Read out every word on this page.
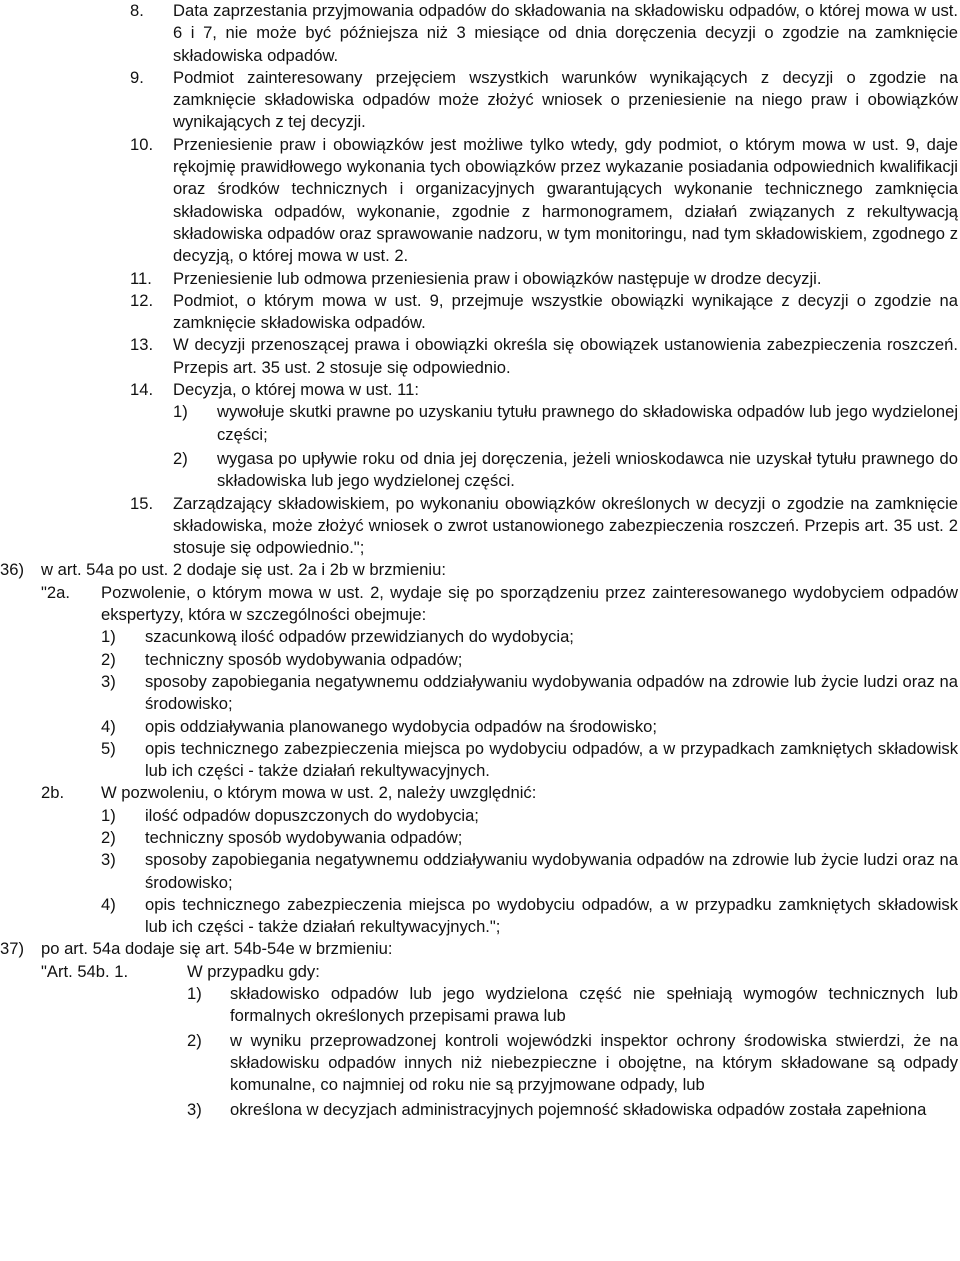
8. Data zaprzestania przyjmowania odpadów do składowania na składowisku odpadów, o której mowa w ust. 6 i 7, nie może być późniejsza niż 3 miesiące od dnia doręczenia decyzji o zgodzie na zamknięcie składowiska odpadów.
9. Podmiot zainteresowany przejęciem wszystkich warunków wynikających z decyzji o zgodzie na zamknięcie składowiska odpadów może złożyć wniosek o przeniesienie na niego praw i obowiązków wynikających z tej decyzji.
10. Przeniesienie praw i obowiązków jest możliwe tylko wtedy, gdy podmiot, o którym mowa w ust. 9, daje rękojmię prawidłowego wykonania tych obowiązków przez wykazanie posiadania odpowiednich kwalifikacji oraz środków technicznych i organizacyjnych gwarantujących wykonanie technicznego zamknięcia składowiska odpadów, wykonanie, zgodnie z harmonogramem, działań związanych z rekultywacją składowiska odpadów oraz sprawowanie nadzoru, w tym monitoringu, nad tym składowiskiem, zgodnego z decyzją, o której mowa w ust. 2.
11. Przeniesienie lub odmowa przeniesienia praw i obowiązków następuje w drodze decyzji.
12. Podmiot, o którym mowa w ust. 9, przejmuje wszystkie obowiązki wynikające z decyzji o zgodzie na zamknięcie składowiska odpadów.
13. W decyzji przenoszącej prawa i obowiązki określa się obowiązek ustanowienia zabezpieczenia roszczeń. Przepis art. 35 ust. 2 stosuje się odpowiednio.
14. Decyzja, o której mowa w ust. 11:
1) wywołuje skutki prawne po uzyskaniu tytułu prawnego do składowiska odpadów lub jego wydzielonej części;
2) wygasa po upływie roku od dnia jej doręczenia, jeżeli wnioskodawca nie uzyskał tytułu prawnego do składowiska lub jego wydzielonej części.
15. Zarządzający składowiskiem, po wykonaniu obowiązków określonych w decyzji o zgodzie na zamknięcie składowiska, może złożyć wniosek o zwrot ustanowionego zabezpieczenia roszczeń. Przepis art. 35 ust. 2 stosuje się odpowiednio.";
36) w art. 54a po ust. 2 dodaje się ust. 2a i 2b w brzmieniu:
"2a. Pozwolenie, o którym mowa w ust. 2, wydaje się po sporządzeniu przez zainteresowanego wydobyciem odpadów ekspertyzy, która w szczególności obejmuje:
1) szacunkową ilość odpadów przewidzianych do wydobycia;
2) techniczny sposób wydobywania odpadów;
3) sposoby zapobiegania negatywnemu oddziaływaniu wydobywania odpadów na zdrowie lub życie ludzi oraz na środowisko;
4) opis oddziaływania planowanego wydobycia odpadów na środowisko;
5) opis technicznego zabezpieczenia miejsca po wydobyciu odpadów, a w przypadkach zamkniętych składowisk lub ich części - także działań rekultywacyjnych.
2b. W pozwoleniu, o którym mowa w ust. 2, należy uwzględnić:
1) ilość odpadów dopuszczonych do wydobycia;
2) techniczny sposób wydobywania odpadów;
3) sposoby zapobiegania negatywnemu oddziaływaniu wydobywania odpadów na zdrowie lub życie ludzi oraz na środowisko;
4) opis technicznego zabezpieczenia miejsca po wydobyciu odpadów, a w przypadku zamkniętych składowisk lub ich części - także działań rekultywacyjnych.";
37) po art. 54a dodaje się art. 54b-54e w brzmieniu:
"Art. 54b. 1.	W przypadku gdy:
1) składowisko odpadów lub jego wydzielona część nie spełniają wymogów technicznych lub formalnych określonych przepisami prawa lub
2) w wyniku przeprowadzonej kontroli wojewódzki inspektor ochrony środowiska stwierdzi, że na składowisku odpadów innych niż niebezpieczne i obojętne, na którym składowane są odpady komunalne, co najmniej od roku nie są przyjmowane odpady, lub
3) określona w decyzjach administracyjnych pojemność składowiska odpadów została zapełniona
